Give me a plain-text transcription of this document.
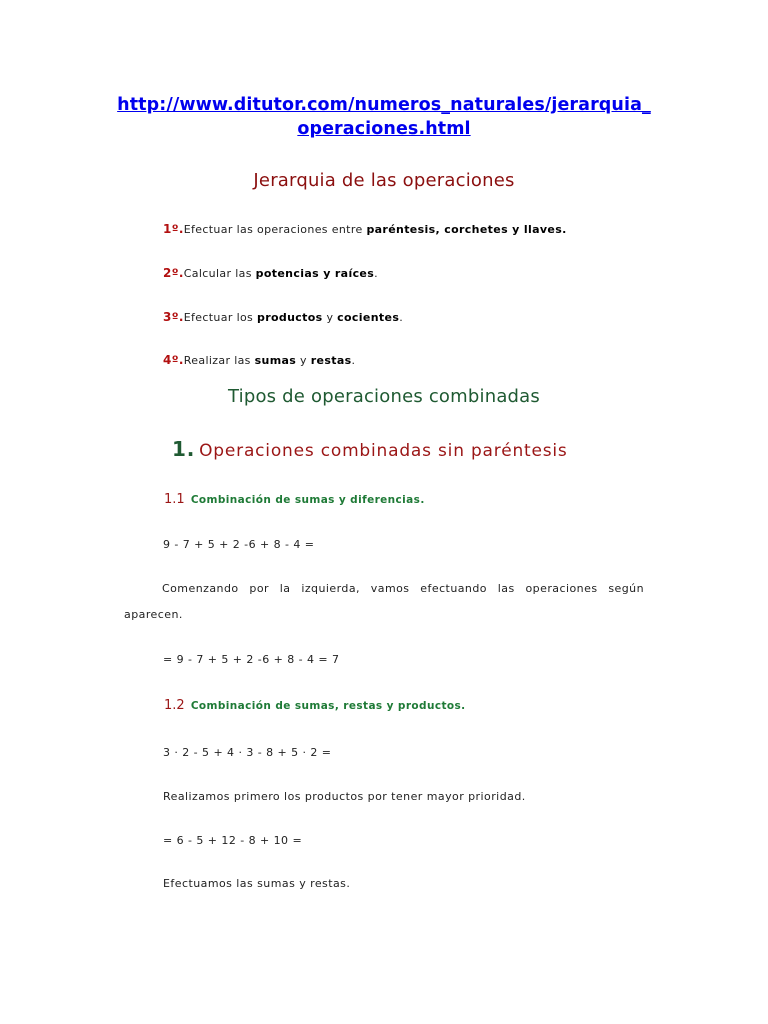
http://www.ditutor.com/numeros_naturales/jerarquia_
operaciones.html
Jerarquia de las operaciones
1º.Efectuar las operaciones entre paréntesis, corchetes y llaves.
2º.Calcular las potencias y raíces.
3º.Efectuar los productos y cocientes.
4º.Realizar las sumas y restas.
Tipos de operaciones combinadas
1. Operaciones combinadas sin paréntesis
1.1 Combinación de sumas y diferencias.
9 - 7 + 5 + 2 -6 + 8 - 4 =
Comenzando por la izquierda, vamos efectuando las operaciones según
aparecen.
= 9 - 7 + 5 + 2 -6 + 8 - 4 = 7
1.2 Combinación de sumas, restas y productos.
3 · 2 - 5 + 4 · 3 - 8 + 5 · 2 =
Realizamos primero los productos por tener mayor prioridad.
= 6 - 5 + 12 - 8 + 10 =
Efectuamos las sumas y restas.
